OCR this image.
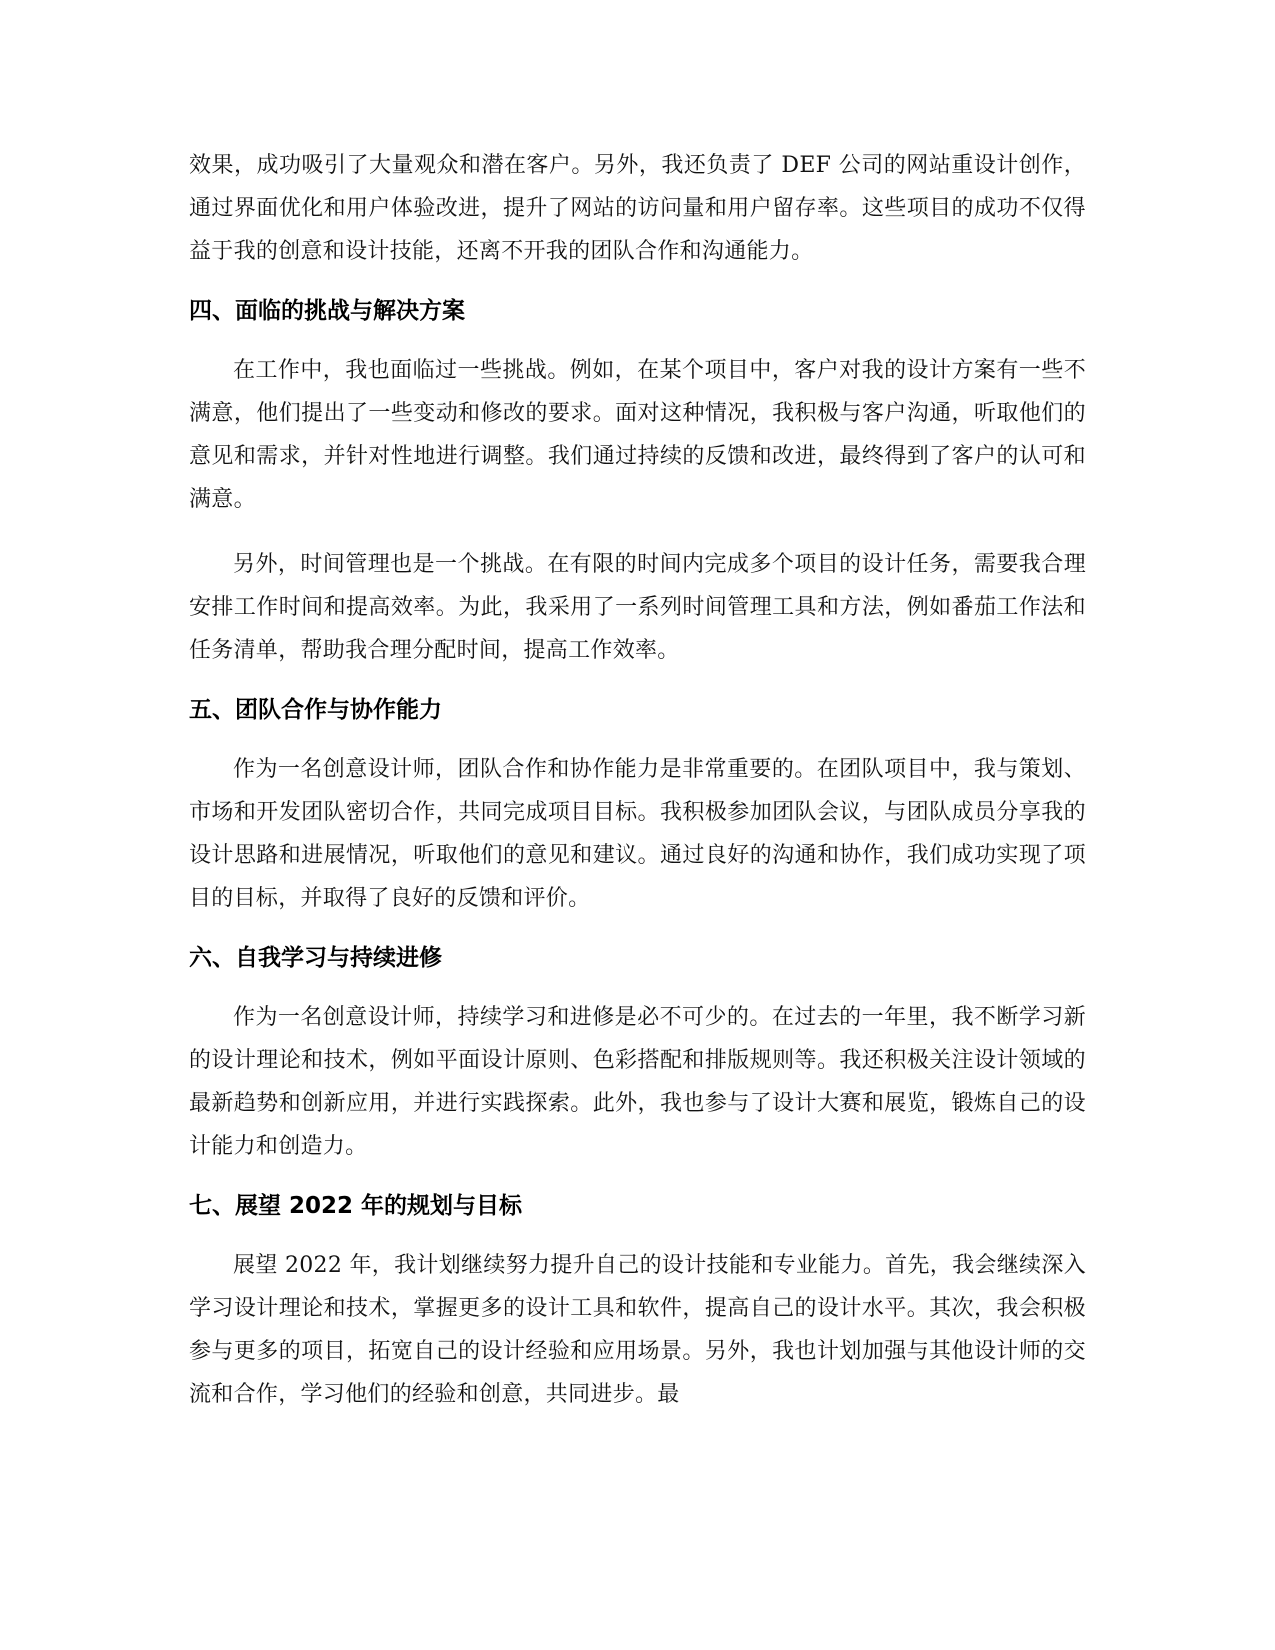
效果，成功吸引了大量观众和潜在客户。另外，我还负责了 DEF 公司的网站重设计创作，通过界面优化和用户体验改进，提升了网站的访问量和用户留存率。这些项目的成功不仅得益于我的创意和设计技能，还离不开我的团队合作和沟通能力。

四、面临的挑战与解决方案

在工作中，我也面临过一些挑战。例如，在某个项目中，客户对我的设计方案有一些不满意，他们提出了一些变动和修改的要求。面对这种情况，我积极与客户沟通，听取他们的意见和需求，并针对性地进行调整。我们通过持续的反馈和改进，最终得到了客户的认可和满意。

另外，时间管理也是一个挑战。在有限的时间内完成多个项目的设计任务，需要我合理安排工作时间和提高效率。为此，我采用了一系列时间管理工具和方法，例如番茄工作法和任务清单，帮助我合理分配时间，提高工作效率。

五、团队合作与协作能力

作为一名创意设计师，团队合作和协作能力是非常重要的。在团队项目中，我与策划、市场和开发团队密切合作，共同完成项目目标。我积极参加团队会议，与团队成员分享我的设计思路和进展情况，听取他们的意见和建议。通过良好的沟通和协作，我们成功实现了项目的目标，并取得了良好的反馈和评价。

六、自我学习与持续进修

作为一名创意设计师，持续学习和进修是必不可少的。在过去的一年里，我不断学习新的设计理论和技术，例如平面设计原则、色彩搭配和排版规则等。我还积极关注设计领域的最新趋势和创新应用，并进行实践探索。此外，我也参与了设计大赛和展览，锻炼自己的设计能力和创造力。

七、展望 2022 年的规划与目标

展望 2022 年，我计划继续努力提升自己的设计技能和专业能力。首先，我会继续深入学习设计理论和技术，掌握更多的设计工具和软件，提高自己的设计水平。其次，我会积极参与更多的项目，拓宽自己的设计经验和应用场景。另外，我也计划加强与其他设计师的交流和合作，学习他们的经验和创意，共同进步。最
